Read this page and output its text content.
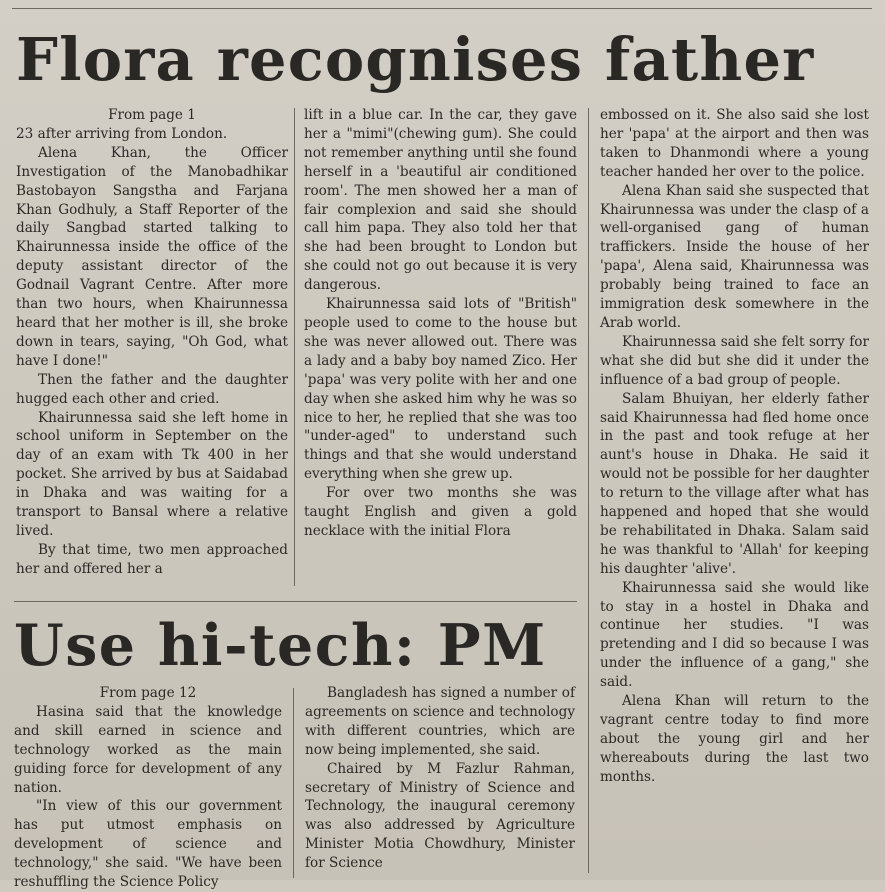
Flora recognises father

From page 1

23 after arriving from London.

Alena Khan, the Officer Investigation of the Manobadhikar Bastobayon Sangstha and Farjana Khan Godhuly, a Staff Reporter of the daily Sangbad started talking to Khairunnessa inside the office of the deputy assistant director of the Godnail Vagrant Centre. After more than two hours, when Khairunnessa heard that her mother is ill, she broke down in tears, saying, "Oh God, what have I done!"

Then the father and the daughter hugged each other and cried.

Khairunnessa said she left home in school uniform in September on the day of an exam with Tk 400 in her pocket. She arrived by bus at Saidabad in Dhaka and was waiting for a transport to Bansal where a relative lived.

By that time, two men approached her and offered her a

lift in a blue car. In the car, they gave her a "mimi"(chewing gum). She could not remember anything until she found herself in a 'beautiful air conditioned room'. The men showed her a man of fair complexion and said she should call him papa. They also told her that she had been brought to London but she could not go out because it is very dangerous.

Khairunnessa said lots of "British" people used to come to the house but she was never allowed out. There was a lady and a baby boy named Zico. Her 'papa' was very polite with her and one day when she asked him why he was so nice to her, he replied that she was too "under-aged" to understand such things and that she would understand everything when she grew up.

For over two months she was taught English and given a gold necklace with the initial Flora

embossed on it. She also said she lost her 'papa' at the airport and then was taken to Dhanmondi where a young teacher handed her over to the police.

Alena Khan said she suspected that Khairunnessa was under the clasp of a well-organised gang of human traffickers. Inside the house of her 'papa', Alena said, Khairunnessa was probably being trained to face an immigration desk somewhere in the Arab world.

Khairunnessa said she felt sorry for what she did but she did it under the influence of a bad group of people.

Salam Bhuiyan, her elderly father said Khairunnessa had fled home once in the past and took refuge at her aunt's house in Dhaka. He said it would not be possible for her daughter to return to the village after what has happened and hoped that she would be rehabilitated in Dhaka. Salam said he was thankful to 'Allah' for keeping his daughter 'alive'.

Khairunnessa said she would like to stay in a hostel in Dhaka and continue her studies. "I was pretending and I did so because I was under the influence of a gang," she said.

Alena Khan will return to the vagrant centre today to find more about the young girl and her whereabouts during the last two months.

Use hi-tech: PM

From page 12

Hasina said that the knowledge and skill earned in science and technology worked as the main guiding force for development of any nation.

"In view of this our government has put utmost emphasis on development of science and technology," she said. "We have been reshuffling the Science Policy

Bangladesh has signed a number of agreements on science and technology with different countries, which are now being implemented, she said.

Chaired by M Fazlur Rahman, secretary of Ministry of Science and Technology, the inaugural ceremony was also addressed by Agriculture Minister Motia Chowdhury, Minister for Science
